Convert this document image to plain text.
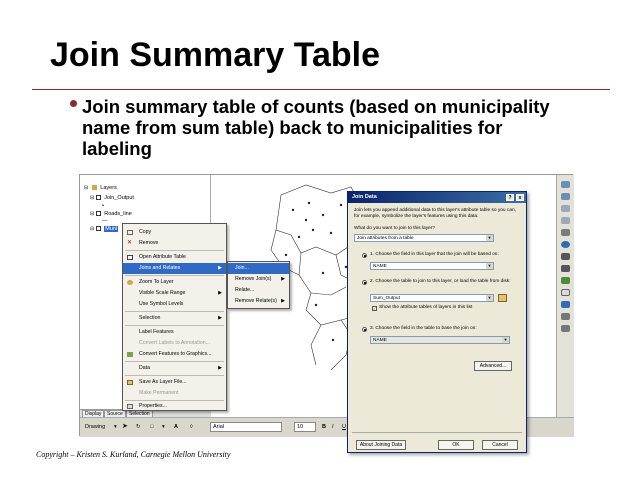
Join Summary Table
Join summary table of counts (based on municipality name from sum table) back to municipalities for labeling
⊟ Layers
⊟ Join_Output
•
⊟ Roads_line
—
⊟ Muni
Display	Source	Selection
Drawing ▾ ➤ ↻ □ ▾ A ◊	Arial	10	B I U
Copy
✕ Remove
Open Attribute Table
Joins and Relates	▶
Zoom To Layer
Visible Scale Range	▶
Use Symbol Levels
Selection	▶
Label Features
Convert Labels to Annotation...
Convert Features to Graphics...
Data	▶
Save As Layer File...
Make Permanent
Properties...
Join...
Remove Join(s) ▶
Relate...
Remove Relate(s) ▶
Join Data	?	x
Join lets you append additional data to this layer's attribute table so you can, for example, symbolize the layer's features using this data.
What do you want to join to this layer?
Join attributes from a table	▼
1. Choose the field in this layer that the join will be based on:
NAME	▼
2. Choose the table to join to this layer, or load the table from disk:
Sum_Output	▼
✓ Show the attribute tables of layers in this list
3. Choose the field in the table to base the join on:
NAME	▼
Advanced...
About Joining Data	OK	Cancel
Copyright – Kristen S. Kurland, Carnegie Mellon University
